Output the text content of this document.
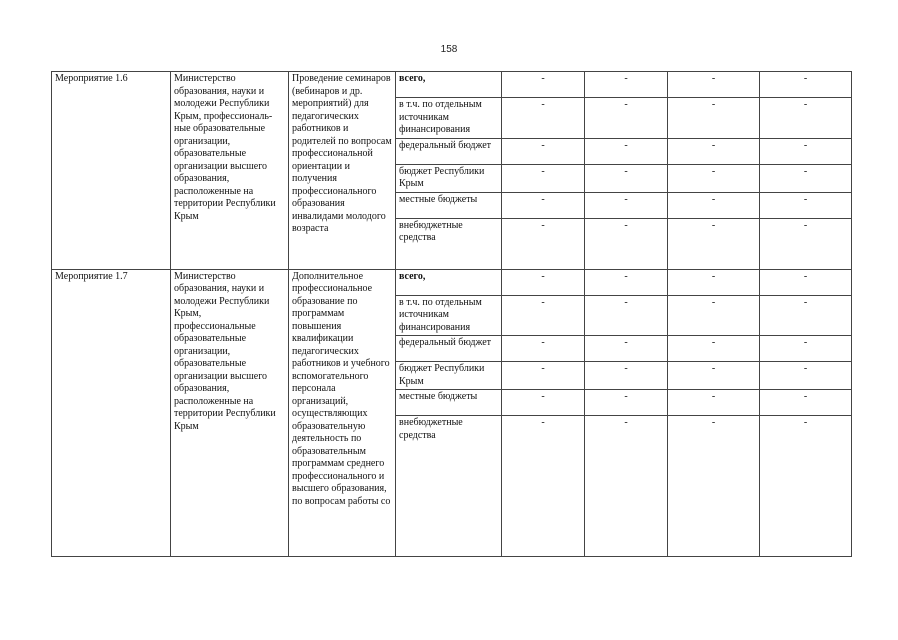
158
Мероприятие 1.6	Министерство образования, науки и молодежи Республики Крым, профессиональ-ные образовательные организации, образовательные организации высшего образования, расположенные на территории Республики Крым	Проведение семинаров (вебинаров и др. мероприятий) для педагогических работников и родителей по вопросам профессиональной ориентации и получения профессионального образования инвалидами молодого возраста	всего,	-	-	-	-
			в т.ч. по отдельным источникам финансирования	-	-	-	-
			федеральный бюджет	-	-	-	-
			бюджет Республики Крым	-	-	-	-
			местные бюджеты	-	-	-	-
			внебюджетные средства	-	-	-	-
Мероприятие 1.7	Министерство образования, науки и молодежи Республики Крым, профессиональные образовательные организации, образовательные организации высшего образования, расположенные на территории Республики Крым	Дополнительное профессиональное образование по программам повышения квалификации педагогических работников и учебного вспомогательного персонала организаций, осуществляющих образовательную деятельность по образовательным программам среднего профессионального и высшего образования, по вопросам работы со	всего,	-	-	-	-
			в т.ч. по отдельным источникам финансирования	-	-	-	-
			федеральный бюджет	-	-	-	-
			бюджет Республики Крым	-	-	-	-
			местные бюджеты	-	-	-	-
			внебюджетные средства	-	-	-	-
